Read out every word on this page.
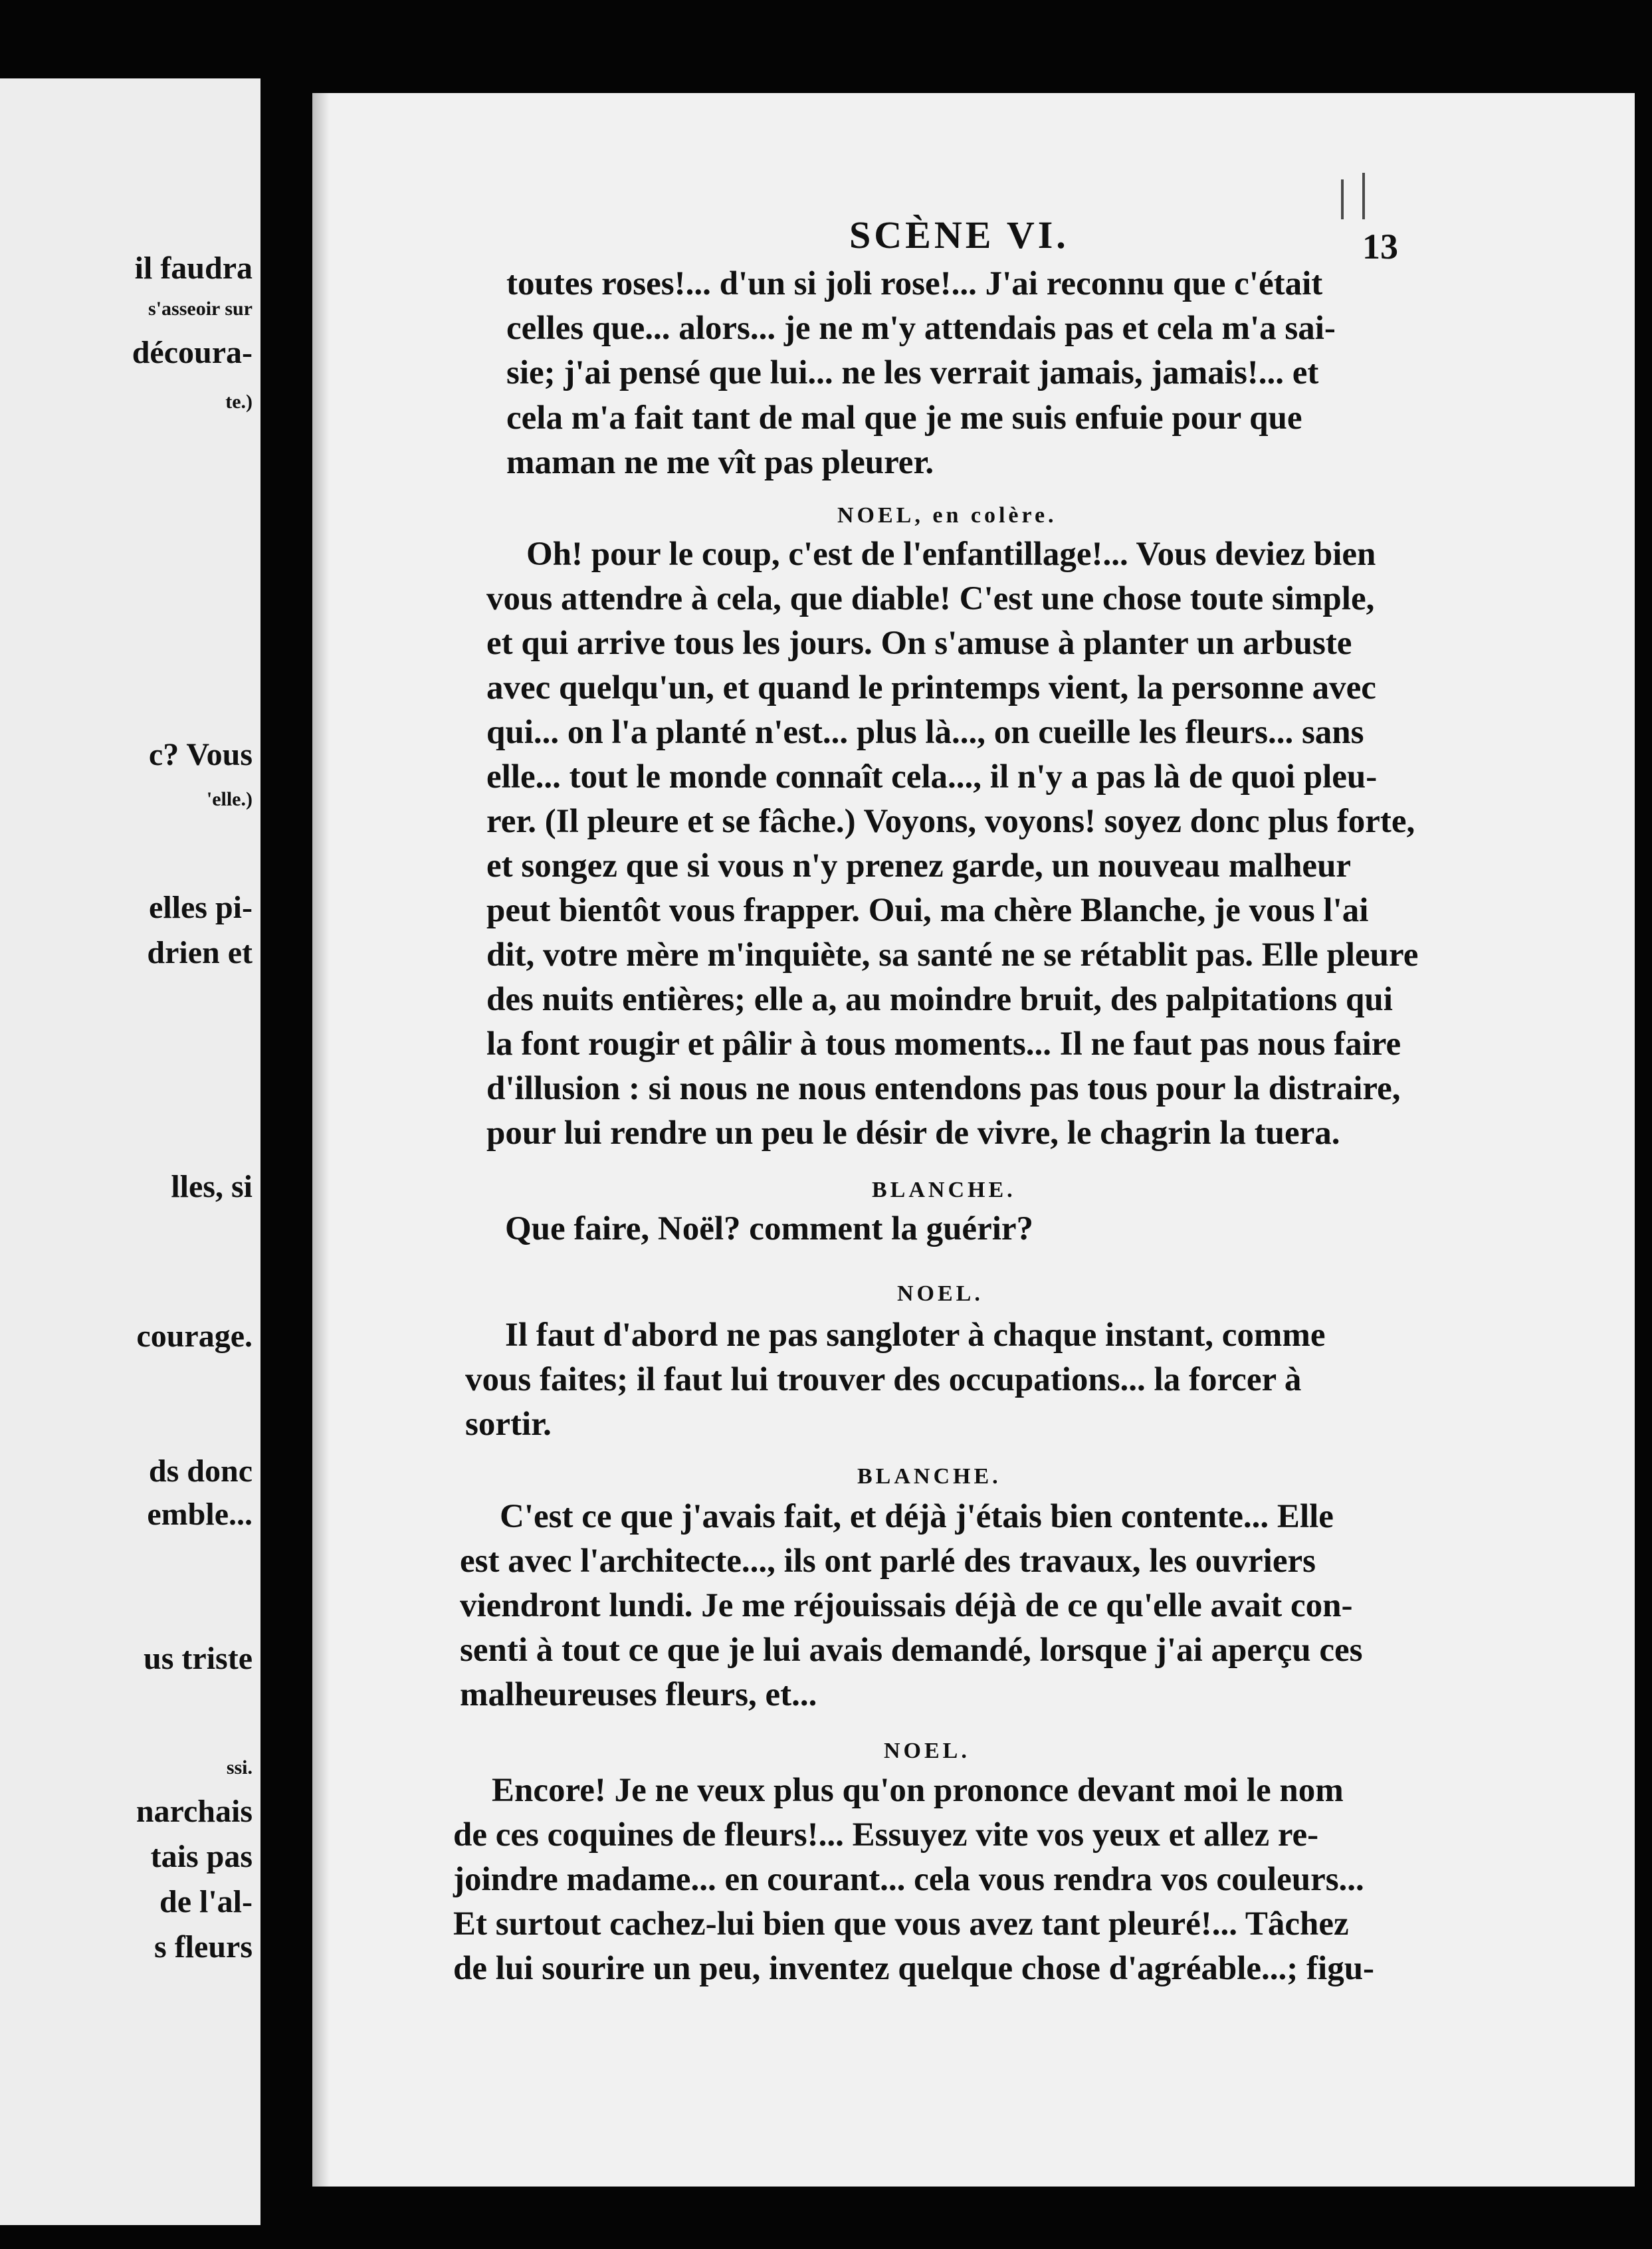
il faudra
s'asseoir sur
découra-
te.)
c? Vous
'elle.)
elles pi-
drien et
lles, si
courage.
ds donc
emble...
us triste
ssi.
narchais
tais pas
de l'al-
s fleurs
SCÈNE VI.	13
toutes roses!... d'un si joli rose!... J'ai reconnu que c'était
celles que... alors... je ne m'y attendais pas et cela m'a sai-
sie; j'ai pensé que lui... ne les verrait jamais, jamais!... et
cela m'a fait tant de mal que je me suis enfuie pour que
maman ne me vît pas pleurer.
NOEL, en colère.
Oh! pour le coup, c'est de l'enfantillage!... Vous deviez bien
vous attendre à cela, que diable! C'est une chose toute simple,
et qui arrive tous les jours. On s'amuse à planter un arbuste
avec quelqu'un, et quand le printemps vient, la personne avec
qui... on l'a planté n'est... plus là..., on cueille les fleurs... sans
elle... tout le monde connaît cela..., il n'y a pas là de quoi pleu-
rer. (Il pleure et se fâche.) Voyons, voyons! soyez donc plus forte,
et songez que si vous n'y prenez garde, un nouveau malheur
peut bientôt vous frapper. Oui, ma chère Blanche, je vous l'ai
dit, votre mère m'inquiète, sa santé ne se rétablit pas. Elle pleure
des nuits entières; elle a, au moindre bruit, des palpitations qui
la font rougir et pâlir à tous moments... Il ne faut pas nous faire
d'illusion : si nous ne nous entendons pas tous pour la distraire,
pour lui rendre un peu le désir de vivre, le chagrin la tuera.
BLANCHE.
Que faire, Noël? comment la guérir?
NOEL.
Il faut d'abord ne pas sangloter à chaque instant, comme
vous faites; il faut lui trouver des occupations... la forcer à
sortir.
BLANCHE.
C'est ce que j'avais fait, et déjà j'étais bien contente... Elle
est avec l'architecte..., ils ont parlé des travaux, les ouvriers
viendront lundi. Je me réjouissais déjà de ce qu'elle avait con-
senti à tout ce que je lui avais demandé, lorsque j'ai aperçu ces
malheureuses fleurs, et...
NOEL.
Encore! Je ne veux plus qu'on prononce devant moi le nom
de ces coquines de fleurs!... Essuyez vite vos yeux et allez re-
joindre madame... en courant... cela vous rendra vos couleurs...
Et surtout cachez-lui bien que vous avez tant pleuré!... Tâchez
de lui sourire un peu, inventez quelque chose d'agréable...; figu-
